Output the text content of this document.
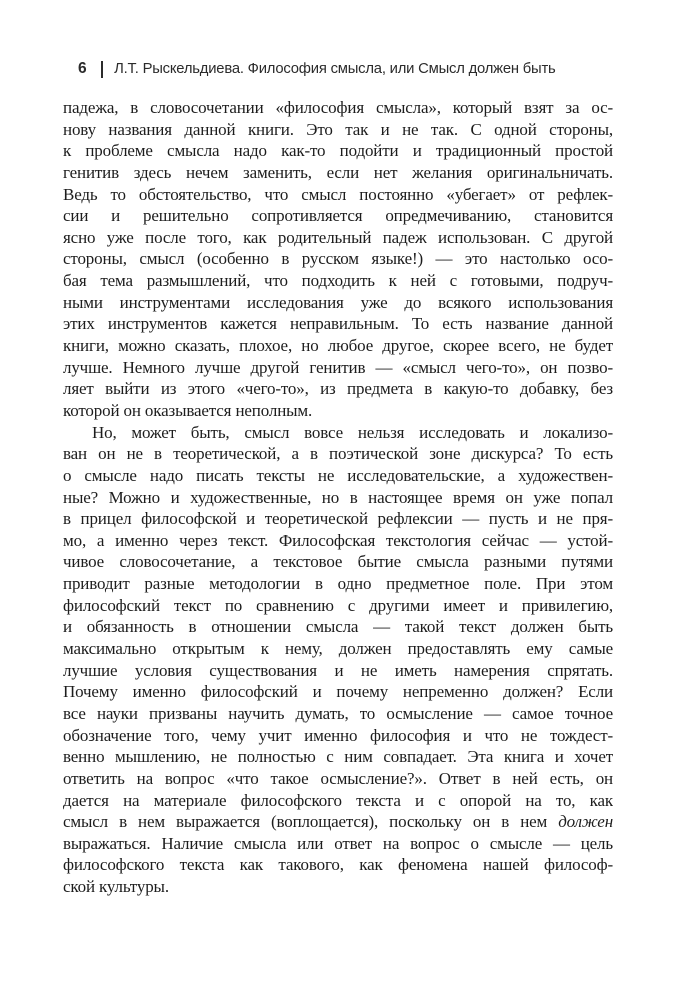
6 Л.Т. Рыскельдиева. Философия смысла, или Смысл должен быть
падежа, в словосочетании «философия смысла», который взят за ос-
нову названия данной книги. Это так и не так. С одной стороны,
к проблеме смысла надо как-то подойти и традиционный простой
генитив здесь нечем заменить, если нет желания оригинальничать.
Ведь то обстоятельство, что смысл постоянно «убегает» от рефлек-
сии и решительно сопротивляется опредмечиванию, становится
ясно уже после того, как родительный падеж использован. С другой
стороны, смысл (особенно в русском языке!) — это настолько осо-
бая тема размышлений, что подходить к ней с готовыми, подруч-
ными инструментами исследования уже до всякого использования
этих инструментов кажется неправильным. То есть название данной
книги, можно сказать, плохое, но любое другое, скорее всего, не будет
лучше. Немного лучше другой генитив — «смысл чего-то», он позво-
ляет выйти из этого «чего-то», из предмета в какую-то добавку, без
которой он оказывается неполным.
Но, может быть, смысл вовсе нельзя исследовать и локализо-
ван он не в теоретической, а в поэтической зоне дискурса? То есть
о смысле надо писать тексты не исследовательские, а художествен-
ные? Можно и художественные, но в настоящее время он уже попал
в прицел философской и теоретической рефлексии — пусть и не пря-
мо, а именно через текст. Философская текстология сейчас — устой-
чивое словосочетание, а текстовое бытие смысла разными путями
приводит разные методологии в одно предметное поле. При этом
философский текст по сравнению с другими имеет и привилегию,
и обязанность в отношении смысла — такой текст должен быть
максимально открытым к нему, должен предоставлять ему самые
лучшие условия существования и не иметь намерения спрятать.
Почему именно философский и почему непременно должен? Если
все науки призваны научить думать, то осмысление — самое точное
обозначение того, чему учит именно философия и что не тождест-
венно мышлению, не полностью с ним совпадает. Эта книга и хочет
ответить на вопрос «что такое осмысление?». Ответ в ней есть, он
дается на материале философского текста и с опорой на то, как
смысл в нем выражается (воплощается), поскольку он в нем должен
выражаться. Наличие смысла или ответ на вопрос о смысле — цель
философского текста как такового, как феномена нашей философ-
ской культуры.
